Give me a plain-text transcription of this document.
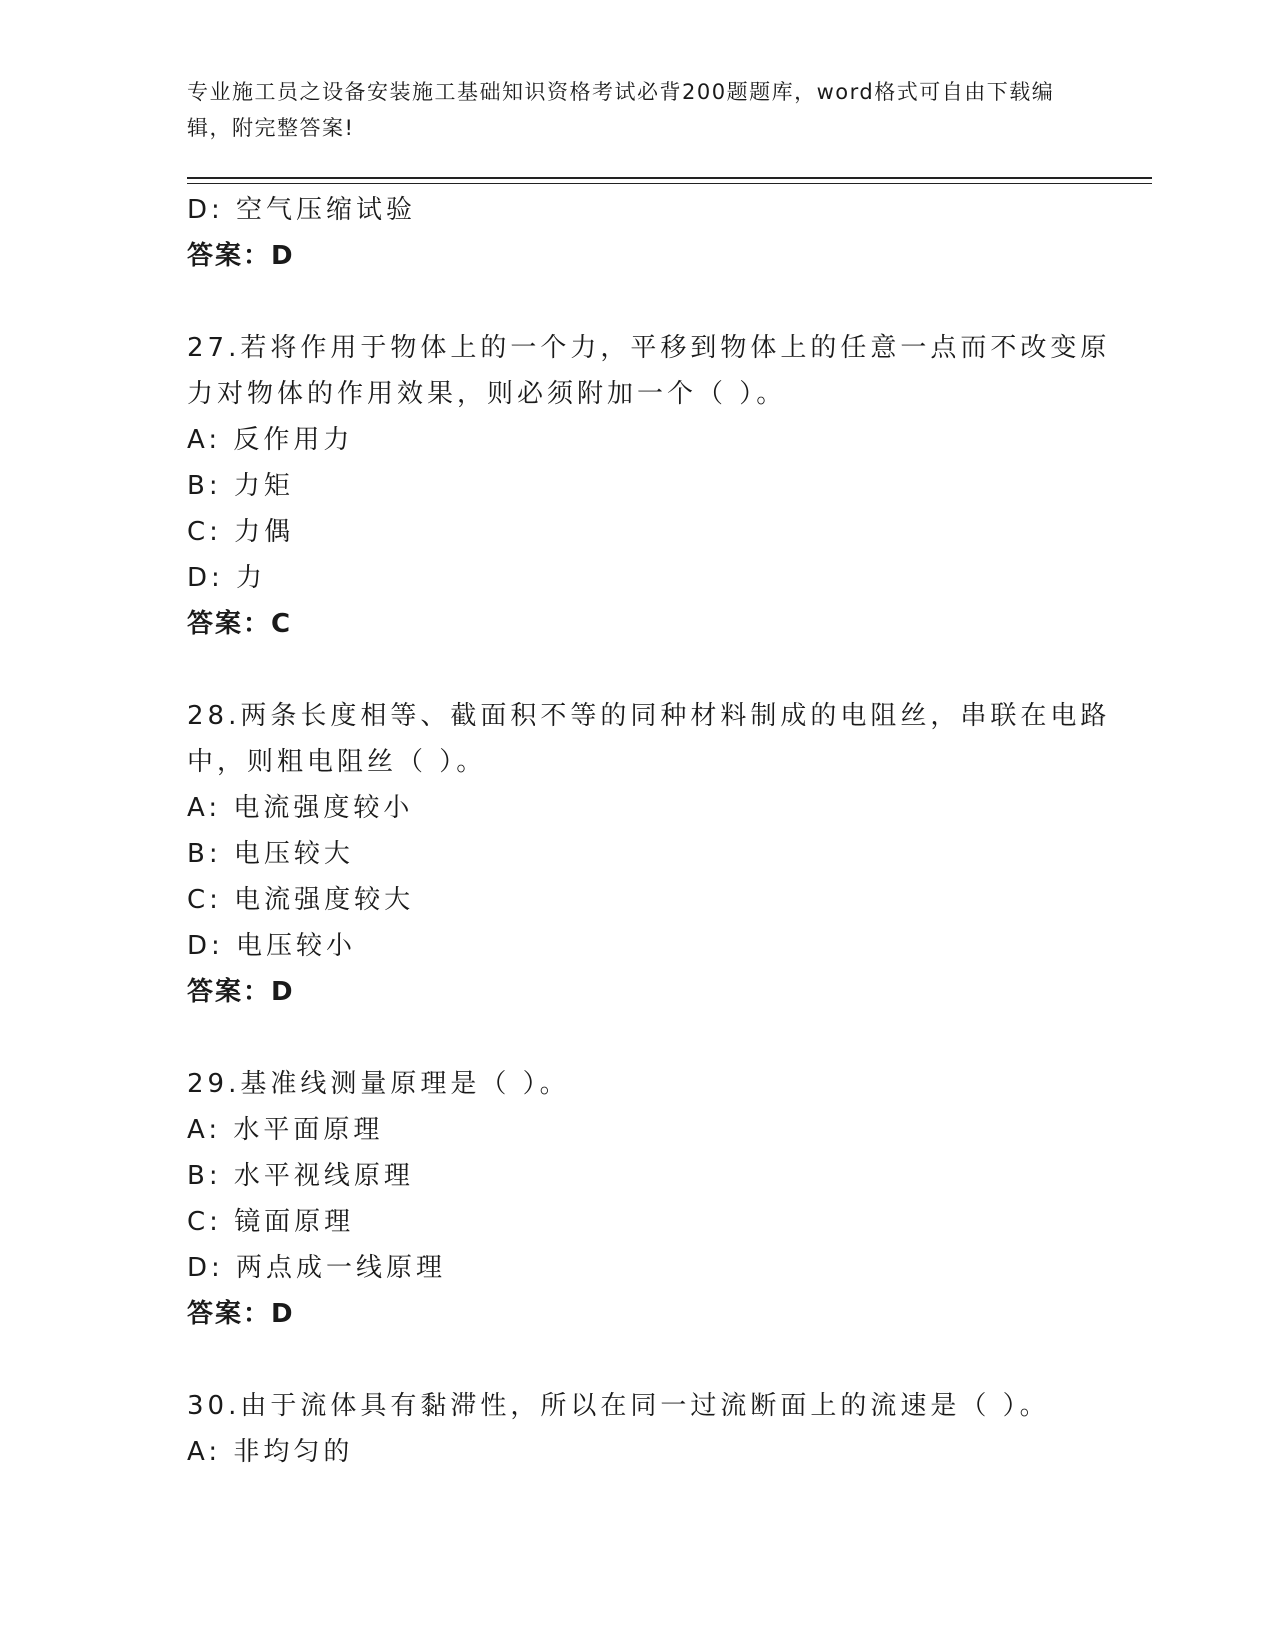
专业施工员之设备安装施工基础知识资格考试必背200题题库，word格式可自由下载编辑，附完整答案!
D: 空气压缩试验
答案：D
27.若将作用于物体上的一个力，平移到物体上的任意一点而不改变原
力对物体的作用效果，则必须附加一个（ ）。
A: 反作用力
B: 力矩
C: 力偶
D: 力
答案：C
28.两条长度相等、截面积不等的同种材料制成的电阻丝，串联在电路
中，则粗电阻丝（ ）。
A: 电流强度较小
B: 电压较大
C: 电流强度较大
D: 电压较小
答案：D
29.基准线测量原理是（ ）。
A: 水平面原理
B: 水平视线原理
C: 镜面原理
D: 两点成一线原理
答案：D
30.由于流体具有黏滞性，所以在同一过流断面上的流速是（ ）。
A: 非均匀的
